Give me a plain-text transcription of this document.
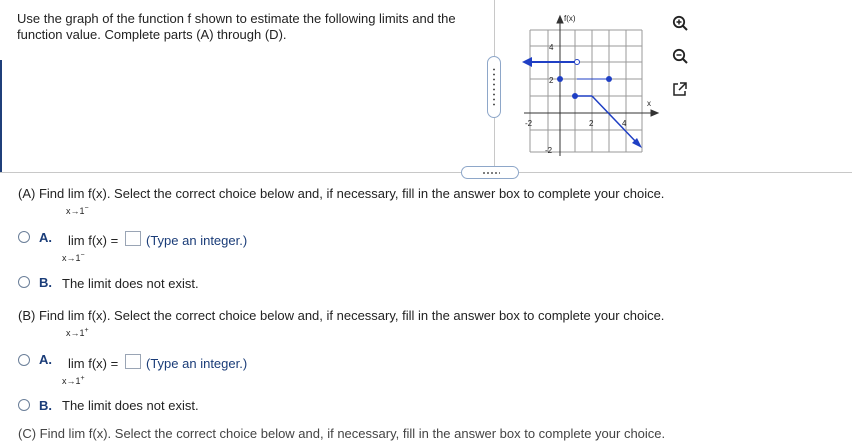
Use the graph of the function f shown to estimate the following limits and the
function value. Complete parts (A) through (D).
f(x)
x
4
2
-2
-2	2	4
(A) Find lim f(x). Select the correct choice below and, if necessary, fill in the answer box to complete your choice.
x→1−
A. lim f(x) = (Type an integer.)
x→1−
B. The limit does not exist.
(B) Find lim f(x). Select the correct choice below and, if necessary, fill in the answer box to complete your choice.
x→1+
A. lim f(x) = (Type an integer.)
x→1+
B. The limit does not exist.
(C) Find lim f(x). Select the correct choice below and, if necessary, fill in the answer box to complete your choice.
